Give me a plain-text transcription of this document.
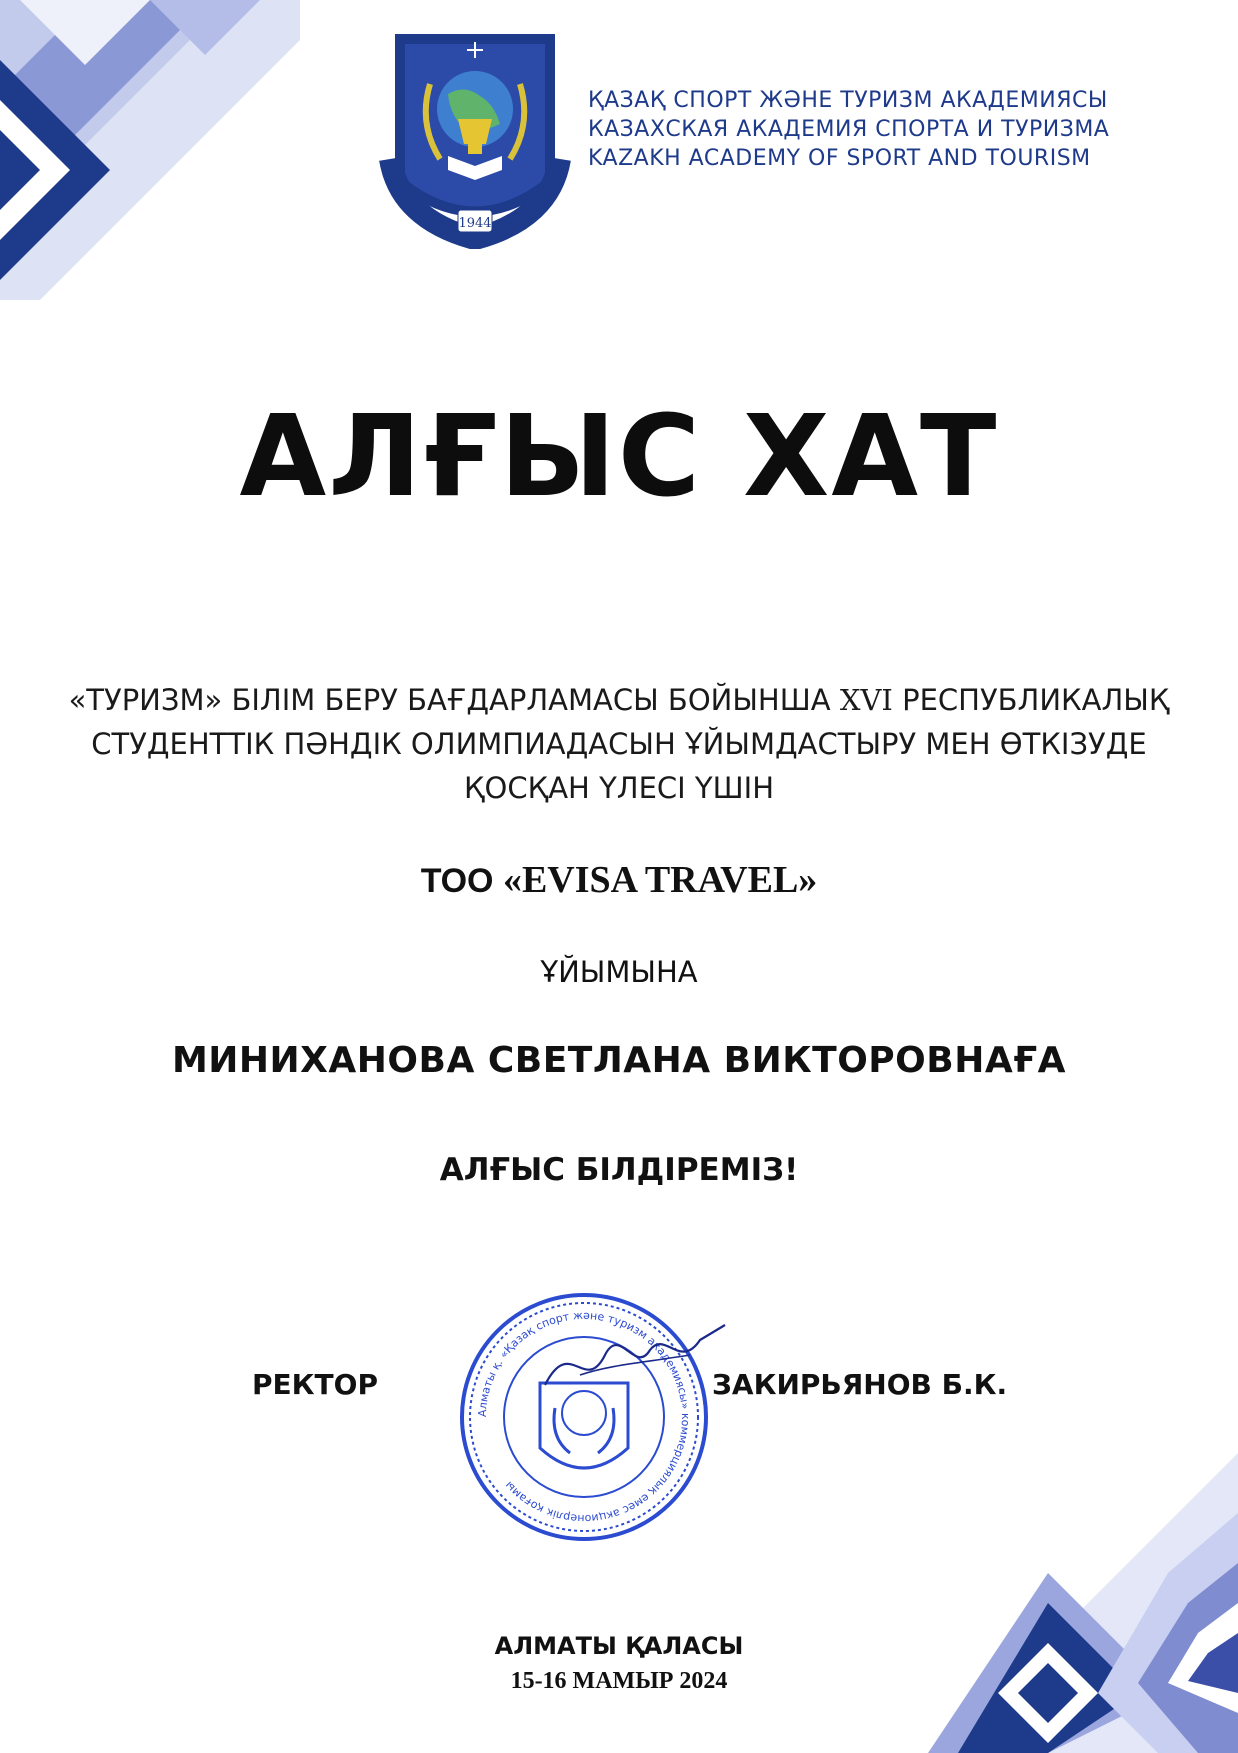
1944
ҚАЗАҚ СПОРТ ЖӘНЕ ТУРИЗМ АКАДЕМИЯСЫ
КАЗАХСКАЯ АКАДЕМИЯ СПОРТА И ТУРИЗМА
KAZAKH ACADEMY OF SPORT AND TOURISM
АЛҒЫС ХАТ
«ТУРИЗМ» БІЛІМ БЕРУ БАҒДАРЛАМАСЫ БОЙЫНША XVI РЕСПУБЛИКАЛЫҚ
СТУДЕНТТІК ПӘНДІК ОЛИМПИАДАСЫН ҰЙЫМДАСТЫРУ МЕН ӨТКІЗУДЕ
ҚОСҚАН ҮЛЕСІ ҮШІН
ТОО «EVISA TRAVEL»
ҰЙЫМЫНА
МИНИХАНОВА СВЕТЛАНА ВИКТОРОВНАҒА
АЛҒЫС БІЛДІРЕМІЗ!
РЕКТОР
Алматы қ. «Қазақ спорт және туризм академиясы» коммерциялық емес акционерлік қоғамы
ЗАКИРЬЯНОВ Б.К.
АЛМАТЫ ҚАЛАСЫ
15-16 МАМЫР 2024
